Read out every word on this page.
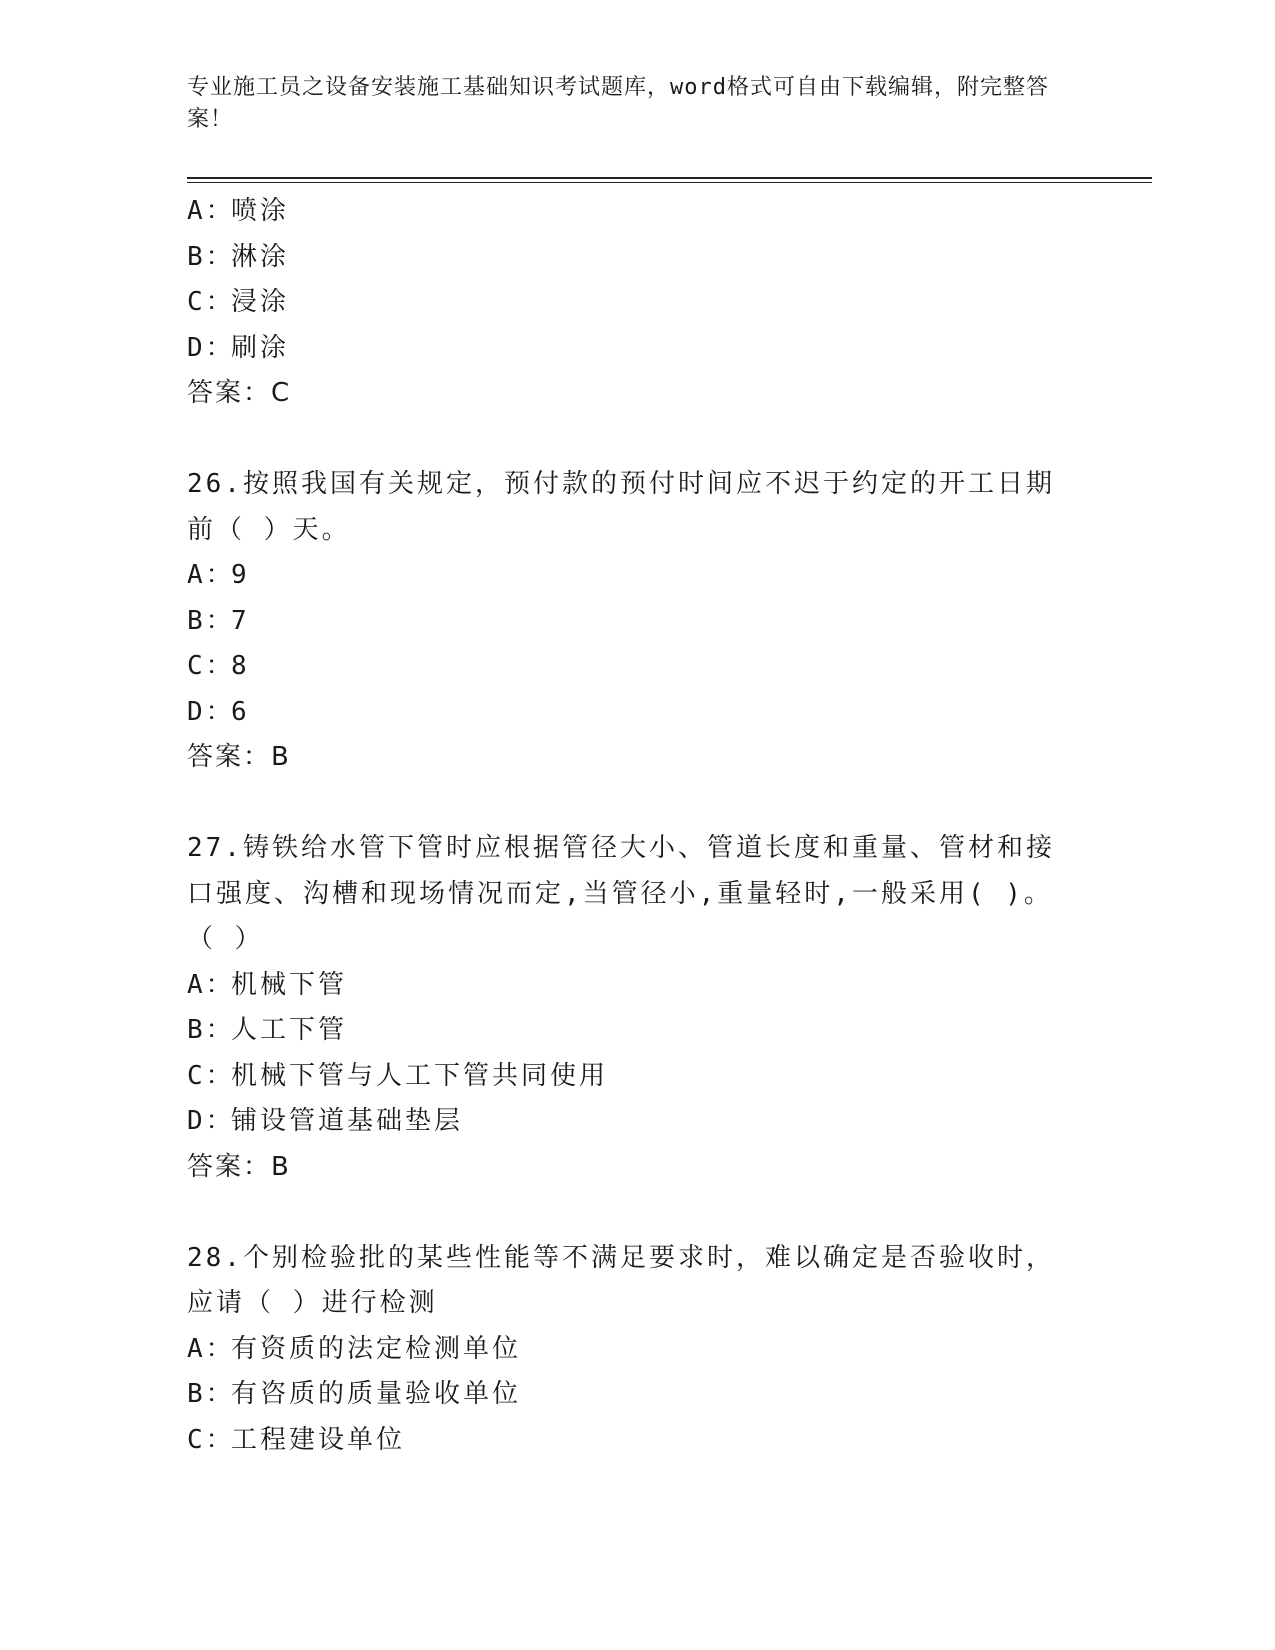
专业施工员之设备安装施工基础知识考试题库，word格式可自由下载编辑，附完整答案！
A：
喷涂
B：
淋涂
C：
浸涂
D：
刷涂
答案：C
26.按照我国有关规定，预付款的预付时间应不迟于约定的开工日期前（ ）天。
A：
9
B：
7
C：
8
D：
6
答案：B
27.铸铁给水管下管时应根据管径大小、管道长度和重量、管材和接口强度、沟槽和现场情况而定,当管径小,重量轻时,一般采用( )。（ ）
A：
机械下管
B：
人工下管
C：
机械下管与人工下管共同使用
D：
铺设管道基础垫层
答案：B
28.个别检验批的某些性能等不满足要求时，难以确定是否验收时，应请（ ）进行检测
A：
有资质的法定检测单位
B：
有咨质的质量验收单位
C：
工程建设单位
